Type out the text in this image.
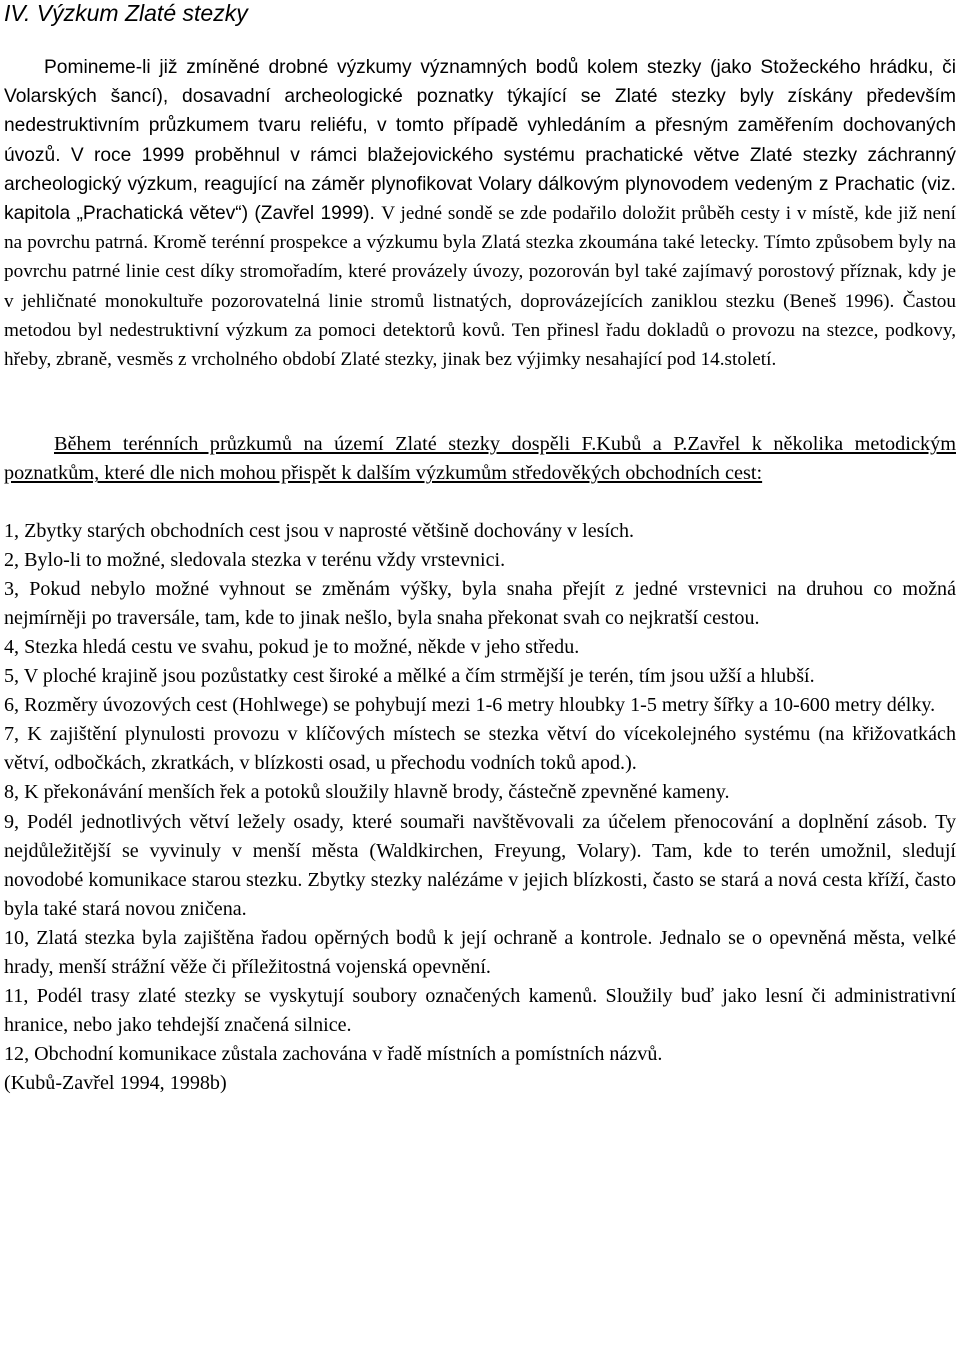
IV. Výzkum Zlaté stezky

Pomineme-li již zmíněné drobné výzkumy významných bodů kolem stezky (jako Stožeckého hrádku, či Volarských šancí), dosavadní archeologické poznatky týkající se Zlaté stezky byly získány především nedestruktivním průzkumem tvaru reliéfu, v tomto případě vyhledáním a přesným zaměřením dochovaných úvozů. V roce 1999 proběhnul v rámci blažejovického systému prachatické větve Zlaté stezky záchranný archeologický výzkum, reagující na záměr plynofikovat Volary dálkovým plynovodem vedeným z Prachatic (viz. kapitola „Prachatická větev“) (Zavřel 1999). V jedné sondě se zde podařilo doložit průběh cesty i v místě, kde již není na povrchu patrná. Kromě terénní prospekce a výzkumu byla Zlatá stezka zkoumána také letecky. Tímto způsobem byly na povrchu patrné linie cest díky stromořadím, které provázely úvozy, pozorován byl také zajímavý porostový příznak, kdy je v jehličnaté monokultuře pozorovatelná linie stromů listnatých, doprovázejících zaniklou stezku (Beneš 1996). Častou metodou byl nedestruktivní výzkum za pomoci detektorů kovů. Ten přinesl řadu dokladů o provozu na stezce, podkovy, hřeby, zbraně, vesměs z vrcholného období Zlaté stezky, jinak bez výjimky nesahající pod 14.století.

Během terénních průzkumů na území Zlaté stezky dospěli F.Kubů a P.Zavřel k několika metodickým poznatkům, které dle nich mohou přispět k dalším výzkumům středověkých obchodních cest:

1, Zbytky starých obchodních cest jsou v naprosté většině dochovány v lesích.
2, Bylo-li to možné, sledovala stezka v terénu vždy vrstevnici.
3, Pokud nebylo možné vyhnout se změnám výšky, byla snaha přejít z jedné vrstevnici na druhou co možná nejmírněji po traversále, tam, kde to jinak nešlo, byla snaha překonat svah co nejkratší cestou.
4, Stezka hledá cestu ve svahu, pokud je to možné, někde v jeho středu.
5, V ploché krajině jsou pozůstatky cest široké a mělké a čím strmější je terén, tím jsou užší a hlubší.
6, Rozměry úvozových cest (Hohlwege) se pohybují mezi 1-6 metry hloubky 1-5 metry šířky a 10-600 metry délky.
7, K zajištění plynulosti provozu v klíčových místech se stezka větví do vícekolejného systému (na křižovatkách větví, odbočkách, zkratkách, v blízkosti osad, u přechodu vodních toků apod.).
8, K překonávání menších řek a potoků sloužily hlavně brody, částečně zpevněné kameny.
9, Podél jednotlivých větví ležely osady, které soumaři navštěvovali za účelem přenocování a doplnění zásob. Ty nejdůležitější se vyvinuly v menší města (Waldkirchen, Freyung, Volary). Tam, kde to terén umožnil, sledují novodobé komunikace starou stezku. Zbytky stezky nalézáme v jejich blízkosti, často se stará a nová cesta kříží, často byla také stará novou zničena.
10, Zlatá stezka byla zajištěna řadou opěrných bodů k její ochraně a kontrole. Jednalo se o opevněná města, velké hrady, menší strážní věže či příležitostná vojenská opevnění.
11, Podél trasy zlaté stezky se vyskytují soubory označených kamenů. Sloužily buď jako lesní či administrativní hranice, nebo jako tehdejší značená silnice.
12, Obchodní komunikace zůstala zachována v řadě místních a pomístních názvů.

(Kubů-Zavřel 1994, 1998b)
